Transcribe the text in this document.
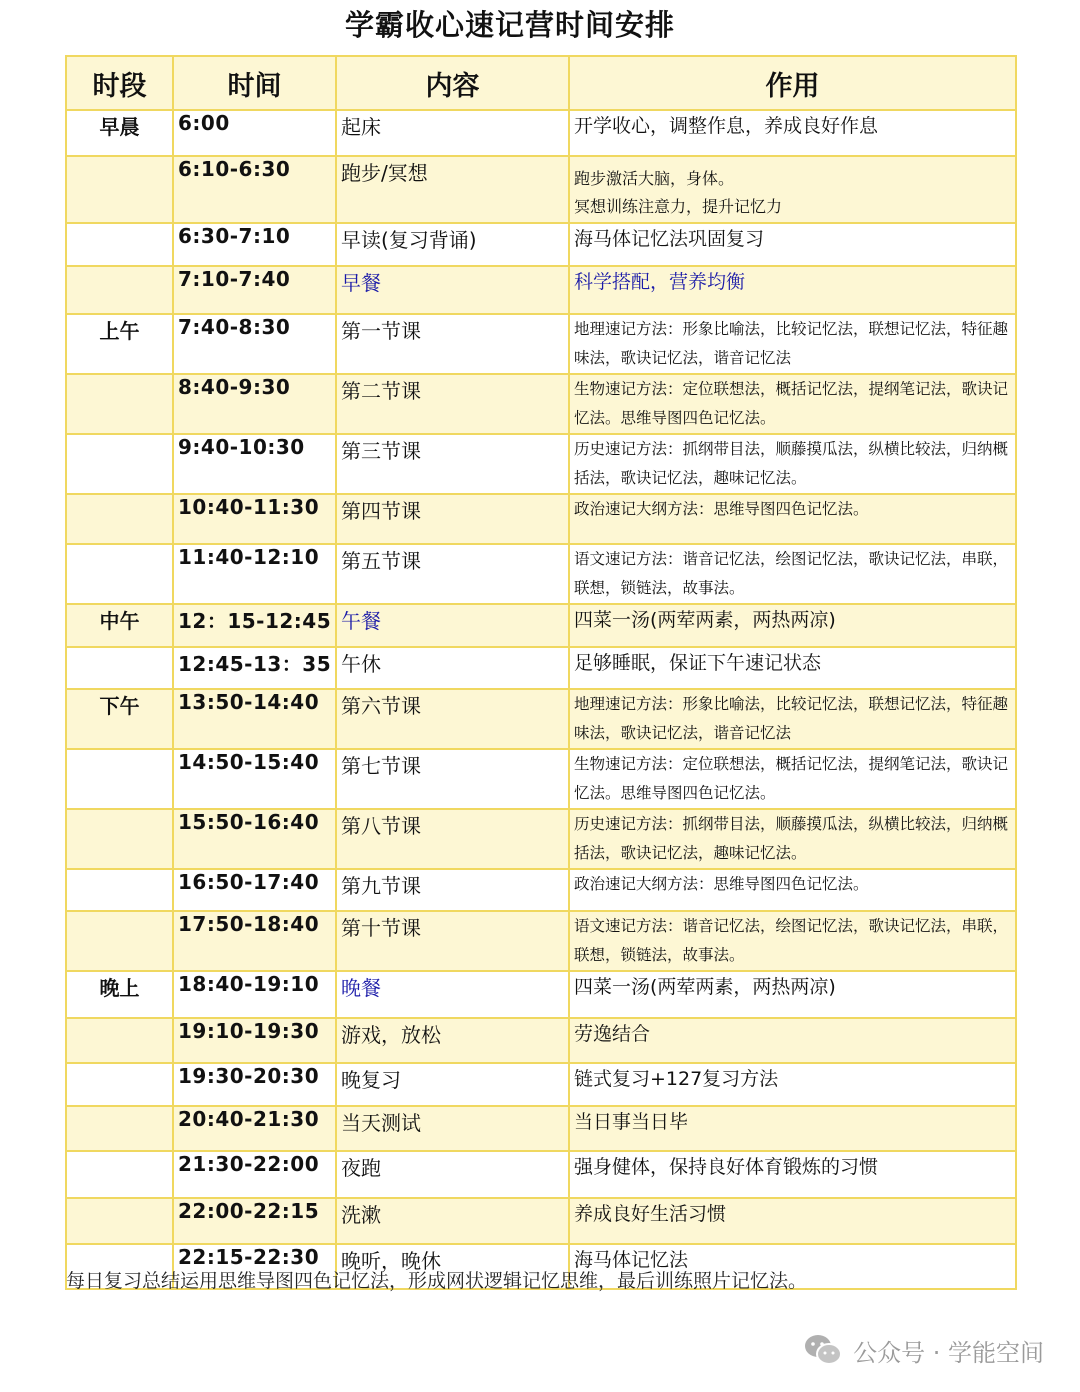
学霸收心速记营时间安排
时段	时间	内容	作用
早晨	6:00	起床	开学收心，调整作息，养成良好作息
	6:10-6:30	跑步/冥想	跑步激活大脑，身体。
冥想训练注意力，提升记忆力

	6:30-7:10	早读(复习背诵)	海马体记忆法巩固复习
	7:10-7:40	早餐	科学搭配，营养均衡
上午	7:40-8:30	第一节课	地理速记方法：形象比喻法，比较记忆法，联想记忆法，特征趣味法，歌诀记忆法，谐音记忆法
	8:40-9:30	第二节课	生物速记方法：定位联想法，概括记忆法，提纲笔记法，歌诀记忆法。思维导图四色记忆法。
	9:40-10:30	第三节课	历史速记方法：抓纲带目法，顺藤摸瓜法，纵横比较法，归纳概括法，歌诀记忆法，趣味记忆法。
	10:40-11:30	第四节课	政治速记大纲方法：思维导图四色记忆法。
	11:40-12:10	第五节课	语文速记方法：谐音记忆法，绘图记忆法，歌诀记忆法，串联，联想，锁链法，故事法。
中午	12：15-12:45	午餐	四菜一汤(两荤两素，两热两凉)
	12:45-13：35	午休	足够睡眠，保证下午速记状态
下午	13:50-14:40	第六节课	地理速记方法：形象比喻法，比较记忆法，联想记忆法，特征趣味法，歌诀记忆法，谐音记忆法
	14:50-15:40	第七节课	生物速记方法：定位联想法，概括记忆法，提纲笔记法，歌诀记忆法。思维导图四色记忆法。
	15:50-16:40	第八节课	历史速记方法：抓纲带目法，顺藤摸瓜法，纵横比较法，归纳概括法，歌诀记忆法，趣味记忆法。
	16:50-17:40	第九节课	政治速记大纲方法：思维导图四色记忆法。
	17:50-18:40	第十节课	语文速记方法：谐音记忆法，绘图记忆法，歌诀记忆法，串联，联想，锁链法，故事法。
晚上	18:40-19:10	晚餐	四菜一汤(两荤两素，两热两凉)
	19:10-19:30	游戏，放松	劳逸结合
	19:30-20:30	晚复习	链式复习+127复习方法
	20:40-21:30	当天测试	当日事当日毕
	21:30-22:00	夜跑	强身健体，保持良好体育锻炼的习惯
	22:00-22:15	洗漱	养成良好生活习惯
	22:15-22:30	晚听，晚休	海马体记忆法
每日复习总结运用思维导图四色记忆法，形成网状逻辑记忆思维，最后训练照片记忆法。
公众号 · 学能空间
